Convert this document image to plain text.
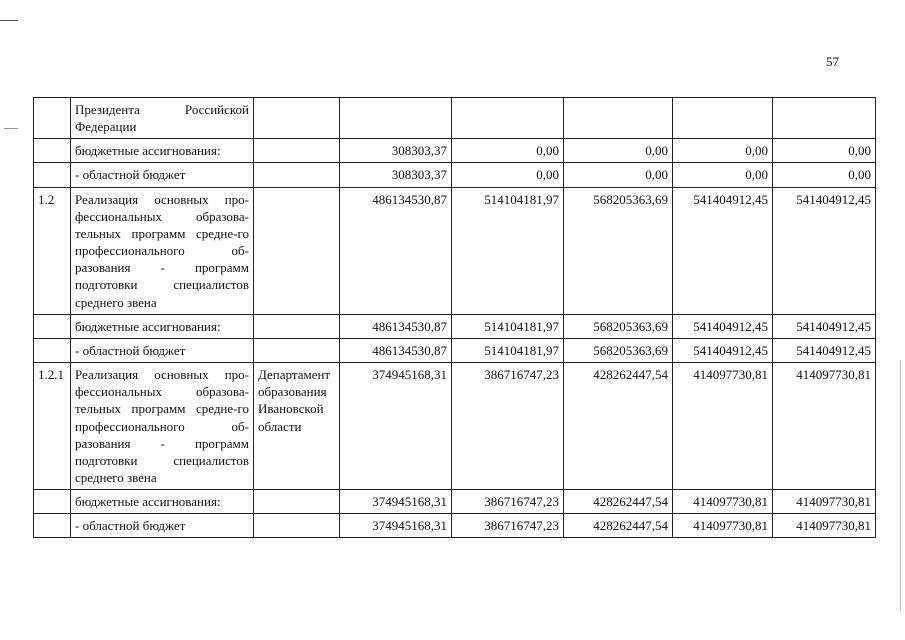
57
	Президента Российской Федерации						
	бюджетные ассигнования:		308303,37	0,00	0,00	0,00	0,00
	- областной бюджет		308303,37	0,00	0,00	0,00	0,00
1.2	Реализация основных про-фессиональных образова-тельных программ средне-го профессионального об-разования - программ подготовки специалистов среднего звена		486134530,87	514104181,97	568205363,69	541404912,45	541404912,45
	бюджетные ассигнования:		486134530,87	514104181,97	568205363,69	541404912,45	541404912,45
	- областной бюджет		486134530,87	514104181,97	568205363,69	541404912,45	541404912,45
1.2.1	Реализация основных про-фессиональных образова-тельных программ средне-го профессионального об-разования - программ подготовки специалистов среднего звена	Департамент образования Ивановской области	374945168,31	386716747,23	428262447,54	414097730,81	414097730,81
	бюджетные ассигнования:		374945168,31	386716747,23	428262447,54	414097730,81	414097730,81
	- областной бюджет		374945168,31	386716747,23	428262447,54	414097730,81	414097730,81
